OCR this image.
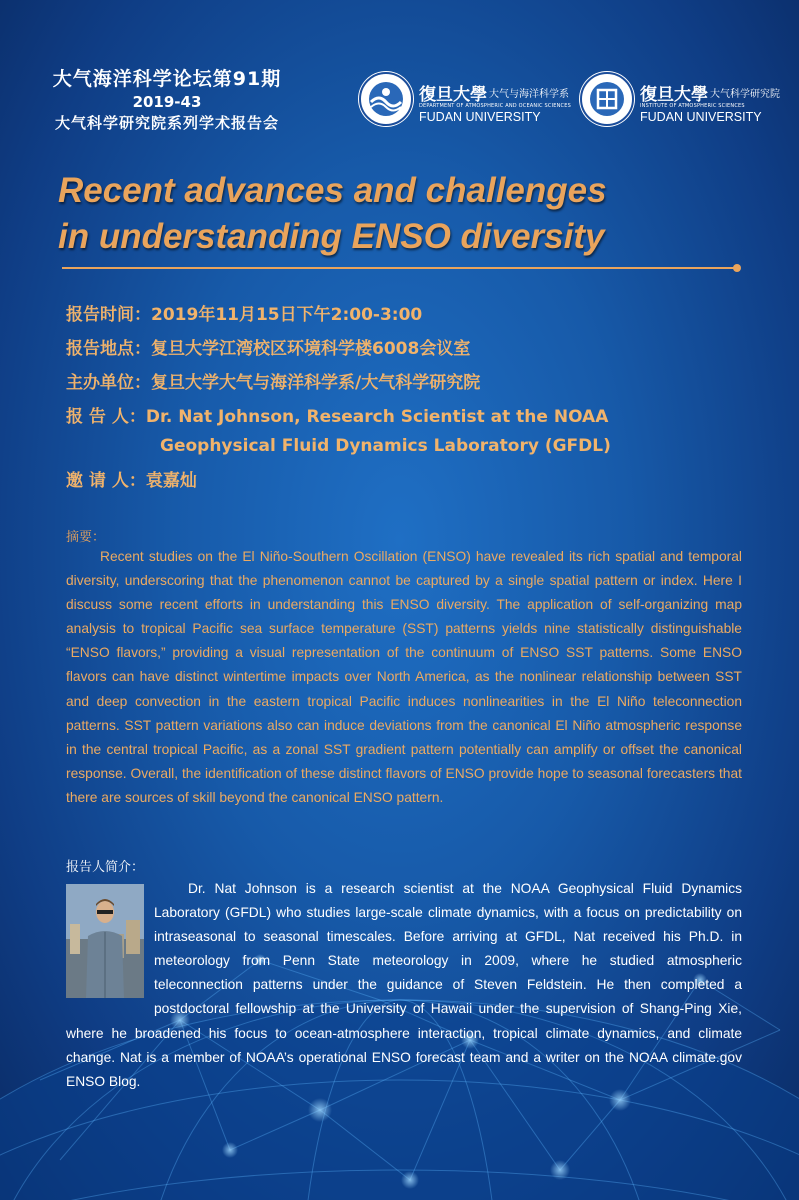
大气海洋科学论坛第91期
2019-43
大气科学研究院系列学术报告会
復旦大學 大气与海洋科学系
DEPARTMENT OF ATMOSPHERIC AND OCEANIC SCIENCES
FUDAN UNIVERSITY
復旦大學 大气科学研究院
INSTITUTE OF ATMOSPHERIC SCIENCES
FUDAN UNIVERSITY
Recent advances and challenges
in understanding ENSO diversity
报告时间：2019年11月15日下午2:00-3:00
报告地点：复旦大学江湾校区环境科学楼6008会议室
主办单位：复旦大学大气与海洋科学系/大气科学研究院
报 告 人：Dr. Nat Johnson, Research Scientist at the NOAA
Geophysical Fluid Dynamics Laboratory (GFDL)
邀 请 人：袁嘉灿
摘要：

Recent studies on the El Niño-Southern Oscillation (ENSO) have revealed its rich spatial and temporal diversity, underscoring that the phenomenon cannot be captured by a single spatial pattern or index. Here I discuss some recent efforts in understanding this ENSO diversity. The application of self-organizing map analysis to tropical Pacific sea surface temperature (SST) patterns yields nine statistically distinguishable “ENSO flavors,” providing a visual representation of the continuum of ENSO SST patterns. Some ENSO flavors can have distinct wintertime impacts over North America, as the nonlinear relationship between SST and deep convection in the eastern tropical Pacific induces nonlinearities in the El Niño teleconnection patterns. SST pattern variations also can induce deviations from the canonical El Niño atmospheric response in the central tropical Pacific, as a zonal SST gradient pattern potentially can amplify or offset the canonical response. Overall, the identification of these distinct flavors of ENSO provide hope to seasonal forecasters that there are sources of skill beyond the canonical ENSO pattern.

报告人简介：

Dr. Nat Johnson is a research scientist at the NOAA Geophysical Fluid Dynamics Laboratory (GFDL) who studies large-scale climate dynamics, with a focus on predictability on intraseasonal to seasonal timescales. Before arriving at GFDL, Nat received his Ph.D. in meteorology from Penn State meteorology in 2009, where he studied atmospheric teleconnection patterns under the guidance of Steven Feldstein. He then completed a postdoctoral fellowship at the University of Hawaii under the supervision of Shang-Ping Xie, where he broadened his focus to ocean-atmosphere interaction, tropical climate dynamics, and climate change. Nat is a member of NOAA’s operational ENSO forecast team and a writer on the NOAA climate.gov ENSO Blog.
